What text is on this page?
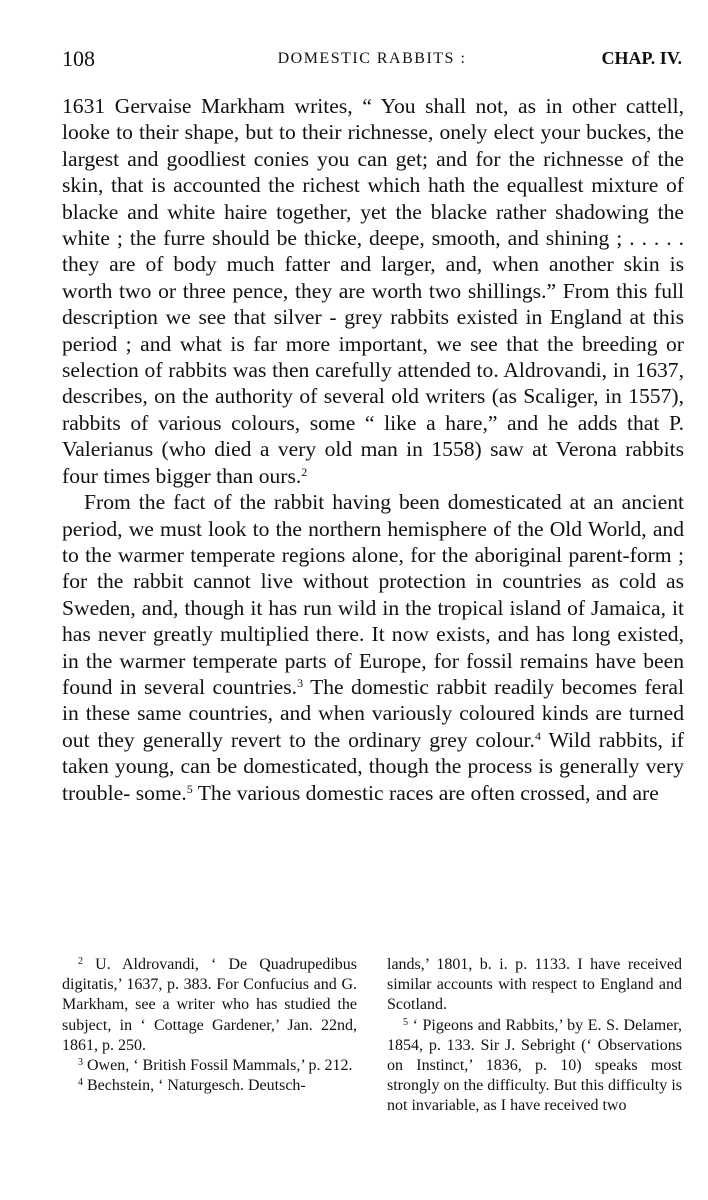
108	DOMESTIC RABBITS :	CHAP. IV.

1631 Gervaise Markham writes, “ You shall not, as in other cattell, looke to their shape, but to their richnesse, onely elect your buckes, the largest and goodliest conies you can get; and for the richnesse of the skin, that is accounted the richest which hath the equallest mixture of blacke and white haire together, yet the blacke rather shadowing the white ; the furre should be thicke, deepe, smooth, and shining ; . . . . . they are of body much fatter and larger, and, when another skin is worth two or three pence, they are worth two shillings.” From this full description we see that silver - grey rabbits existed in England at this period ; and what is far more important, we see that the breeding or selection of rabbits was then carefully attended to. Aldrovandi, in 1637, describes, on the authority of several old writers (as Scaliger, in 1557), rabbits of various colours, some “ like a hare,” and he adds that P. Valerianus (who died a very old man in 1558) saw at Verona rabbits four times bigger than ours.$^2$

From the fact of the rabbit having been domesticated at an ancient period, we must look to the northern hemisphere of the Old World, and to the warmer temperate regions alone, for the aboriginal parent-form ; for the rabbit cannot live without protection in countries as cold as Sweden, and, though it has run wild in the tropical island of Jamaica, it has never greatly multiplied there. It now exists, and has long existed, in the warmer temperate parts of Europe, for fossil remains have been found in several countries.$^3$ The domestic rabbit readily becomes feral in these same countries, and when variously coloured kinds are turned out they generally revert to the ordinary grey colour.$^4$ Wild rabbits, if taken young, can be domesticated, though the process is generally very trouble- some.$^5$ The various domestic races are often crossed, and are

$^2$ U. Aldrovandi, ‘ De Quadrupedibus digitatis,’ 1637, p. 383. For Confucius and G. Markham, see a writer who has studied the subject, in ‘ Cottage Gardener,’ Jan. 22nd, 1861, p. 250.

$^3$ Owen, ‘ British Fossil Mammals,’ p. 212.

$^4$ Bechstein, ‘ Naturgesch. Deutsch-

lands,’ 1801, b. i. p. 1133. I have received similar accounts with respect to England and Scotland.

$^5$ ‘ Pigeons and Rabbits,’ by E. S. Delamer, 1854, p. 133. Sir J. Sebright (‘ Observations on Instinct,’ 1836, p. 10) speaks most strongly on the difficulty. But this difficulty is not invariable, as I have received two
